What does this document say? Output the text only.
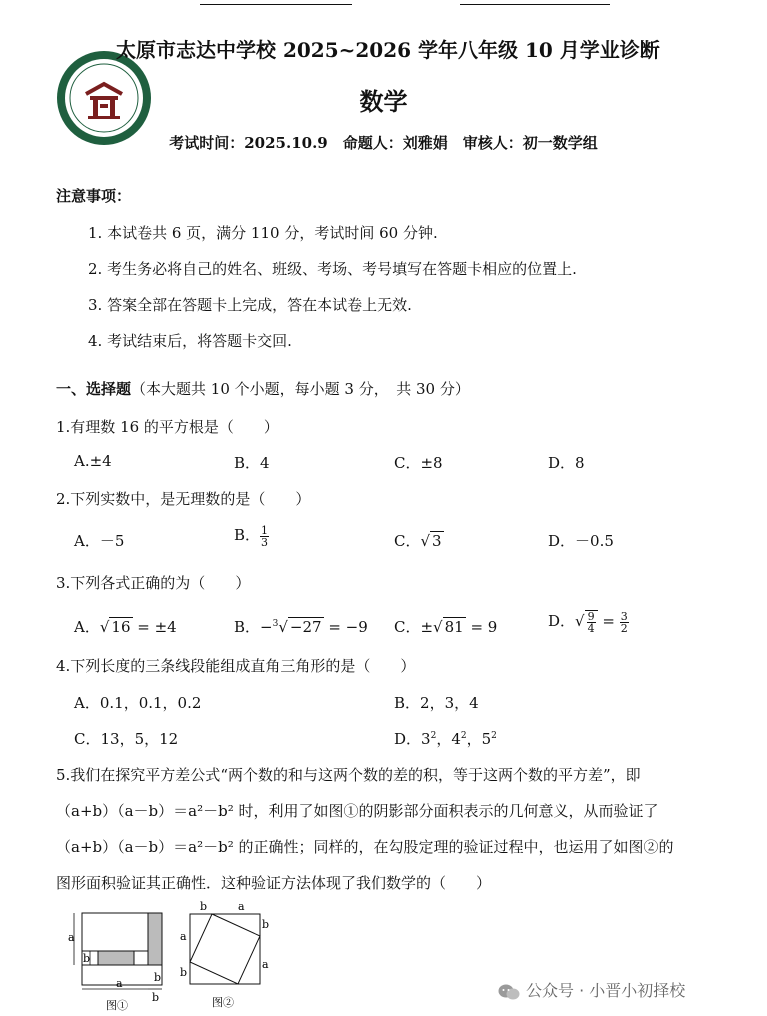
太原市志达中学校 2025~2026 学年八年级 10 月学业诊断
数学
考试时间：2025.10.9　命题人：刘雅娟　审核人：初一数学组
注意事项：
1. 本试卷共 6 页，满分 110 分，考试时间 60 分钟.
2. 考生务必将自己的姓名、班级、考场、考号填写在答题卡相应的位置上.
3. 答案全部在答题卡上完成，答在本试卷上无效.
4. 考试结束后，将答题卡交回.
一、选择题（本大题共 10 个小题，每小题 3 分，　共 30 分）
1.有理数 16 的平方根是（　　）
A.±4	B．4	C．±8	D．8
2.下列实数中，是无理数的是（　　）
A．－5	B． $\frac{1}{3}$	C．√ 3	D．－0.5
3.下列各式正确的为（　　）
A．√ 16 = ±4	B．−$^3$√ −27 = −9 C．±√ 81 = 9	D．√ $\frac{9}{4} = \frac{3}{2}$
4.下列长度的三条线段能组成直角三角形的是（　　）
A．0.1，0.1，0.2	B．2，3，4
C．13，5，12	D．$3^2$，$4^2$，$5^2$
5.我们在探究平方差公式“两个数的和与这两个数的差的积，等于这两个数的平方差”，即
（a+b）（a－b）＝a²－b² 时，利用了如图①的阴影部分面积表示的几何意义，从而验证了
（a+b）（a－b）＝a²－b² 的正确性；同样的，在勾股定理的验证过程中，也运用了如图②的
图形面积验证其正确性．这种验证方法体现了我们数学的（　　）
a
b
b
a
b
图①
b	a
a
b
b
a
图②
公众号 · 小晋小初择校
